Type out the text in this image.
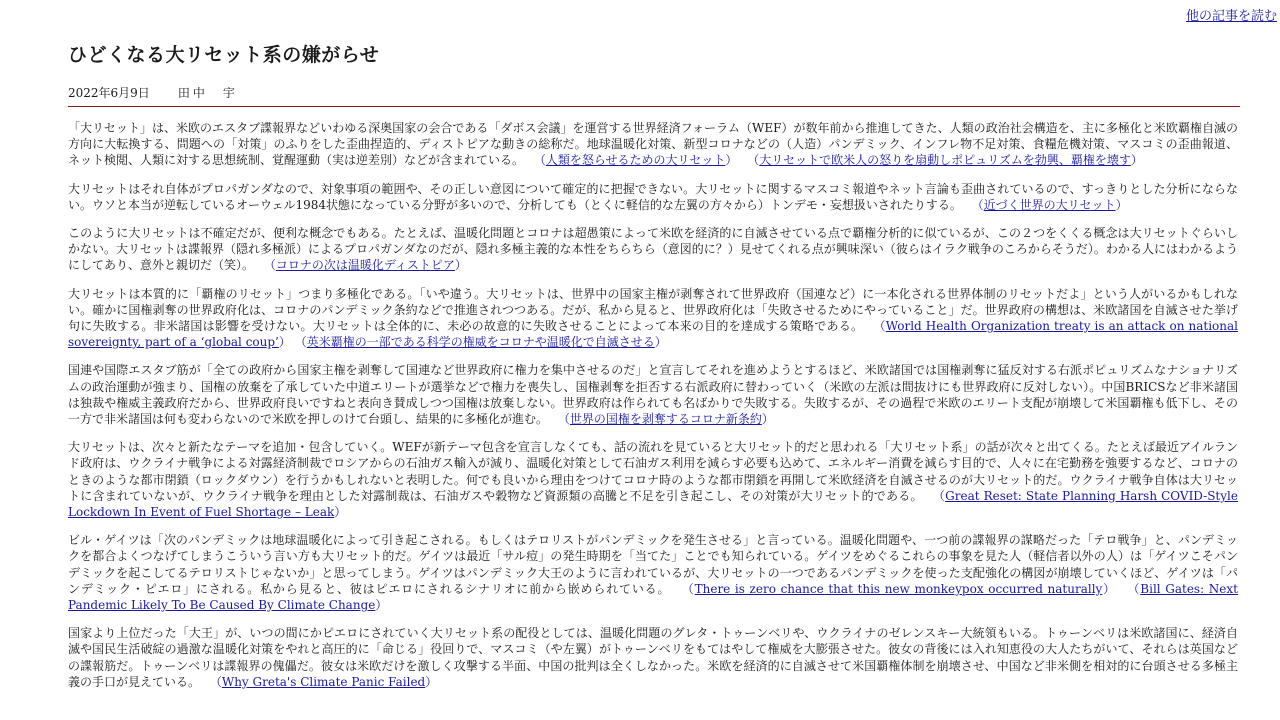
他の記事を読む
ひどくなる大リセット系の嫌がらせ
2022年6月9日 田中　宇

「大リセット」は、米欧のエスタブ諜報界などいわゆる深奥国家の会合である「ダボス会議」を運営する世界経済フォーラム（WEF）が数年前から推進してきた、人類の政治社会構造を、主に多極化と米欧覇権自滅の方向に大転換する、問題への「対策」のふりをした歪曲捏造的、ディストピアな動きの総称だ。地球温暖化対策、新型コロナなどの（人造）パンデミック、インフレ物不足対策、食糧危機対策、マスコミの歪曲報道、ネット検閲、人類に対する思想統制、覚醒運動（実は逆差別）などが含まれている。 　 （人類を怒らせるための大リセット） 　 （大リセットで欧米人の怒りを扇動しポピュリズムを勃興、覇権を壊す）

大リセットはそれ自体がプロパガンダなので、対象事項の範囲や、その正しい意図について確定的に把握できない。大リセットに関するマスコミ報道やネット言論も歪曲されているので、すっきりとした分析にならない。ウソと本当が逆転しているオーウェル1984状態になっている分野が多いので、分析しても（とくに軽信的な左翼の方々から）トンデモ・妄想扱いされたりする。 　 （近づく世界の大リセット）

このように大リセットは不確定だが、便利な概念でもある。たとえば、温暖化問題とコロナは超愚策によって米欧を経済的に自滅させている点で覇権分析的に似ているが、この２つをくくる概念は大リセットぐらいしかない。大リセットは諜報界（隠れ多極派）によるプロパガンダなのだが、隠れ多極主義的な本性をちらちら（意図的に？）見せてくれる点が興味深い（彼らはイラク戦争のころからそうだ）。わかる人にはわかるようにしてあり、意外と親切だ（笑）。 　 （コロナの次は温暖化ディストピア）

大リセットは本質的に「覇権のリセット」つまり多極化である。「いや違う。大リセットは、世界中の国家主権が剥奪されて世界政府（国連など）に一本化される世界体制のリセットだよ」という人がいるかもしれない。確かに国権剥奪の世界政府化は、コロナのパンデミック条約などで推進されつつある。だが、私から見ると、世界政府化は「失敗させるためにやっていること」だ。世界政府の構想は、米欧諸国を自滅させた挙げ句に失敗する。非米諸国は影響を受けない。大リセットは全体的に、未必の故意的に失敗させることによって本来の目的を達成する策略である。 　 （World Health Organization treaty is an attack on national sovereignty, part of a ‘global coup’） （英米覇権の一部である科学の権威をコロナや温暖化で自滅させる）

国連や国際エスタブ筋が「全ての政府から国家主権を剥奪して国連など世界政府に権力を集中させるのだ」と宣言してそれを進めようとするほど、米欧諸国では国権剥奪に猛反対する右派ポピュリズムなナショナリズムの政治運動が強まり、国権の放棄を了承していた中道エリートが選挙などで権力を喪失し、国権剥奪を拒否する右派政府に替わっていく（米欧の左派は間抜けにも世界政府に反対しない）。中国BRICSなど非米諸国は独裁や権威主義政府だから、世界政府良いですねと表向き賛成しつつ国権は放棄しない。世界政府は作られても名ばかりで失敗する。失敗するが、その過程で米欧のエリート支配が崩壊して米国覇権も低下し、その一方で非米諸国は何も変わらないので米欧を押しのけて台頭し、結果的に多極化が進む。 　 （世界の国権を剥奪するコロナ新条約）

大リセットは、次々と新たなテーマを追加・包含していく。WEFが新テーマ包含を宣言しなくても、話の流れを見ていると大リセット的だと思われる「大リセット系」の話が次々と出てくる。たとえば最近アイルランド政府は、ウクライナ戦争による対露経済制裁でロシアからの石油ガス輸入が減り、温暖化対策として石油ガス利用を減らす必要も込めて、エネルギー消費を減らす目的で、人々に在宅勤務を強要するなど、コロナのときのような都市閉鎖（ロックダウン）を行うかもしれないと表明した。何でも良いから理由をつけてコロナ時のような都市閉鎖を再開して米欧経済を自滅させるのが大リセット的だ。ウクライナ戦争自体は大リセットに含まれていないが、ウクライナ戦争を理由とした対露制裁は、石油ガスや穀物など資源類の高騰と不足を引き起こし、その対策が大リセット的である。 　 （Great Reset: State Planning Harsh COVID-Style Lockdown In Event of Fuel Shortage – Leak）

ビル・ゲイツは「次のパンデミックは地球温暖化によって引き起こされる。もしくはテロリストがパンデミックを発生させる」と言っている。温暖化問題や、一つ前の諜報界の謀略だった「テロ戦争」と、パンデミックを都合よくつなげてしまうこういう言い方も大リセット的だ。ゲイツは最近「サル痘」の発生時期を「当てた」ことでも知られている。ゲイツをめぐるこれらの事象を見た人（軽信者以外の人）は「ゲイツこそパンデミックを起こしてるテロリストじゃないか」と思ってしまう。ゲイツはパンデミック大王のように言われているが、大リセットの一つであるパンデミックを使った支配強化の構図が崩壊していくほど、ゲイツは「パンデミック・ピエロ」にされる。私から見ると、彼はピエロにされるシナリオに前から嵌められている。 　 （There is zero chance that this new monkeypox occurred naturally） 　 （Bill Gates: Next Pandemic Likely To Be Caused By Climate Change）

国家より上位だった「大王」が、いつの間にかピエロにされていく大リセット系の配役としては、温暖化問題のグレタ・トゥーンベリや、ウクライナのゼレンスキー大統領もいる。トゥーンベリは米欧諸国に、経済自滅や国民生活破綻の過激な温暖化対策をやれと高圧的に「命じる」役回りで、マスコミ（や左翼）がトゥーンベリをもてはやして権威を大膨張させた。彼女の背後には入れ知恵役の大人たちがいて、それらは英国などの諜報筋だ。トゥーンベリは諜報界の傀儡だ。彼女は米欧だけを激しく攻撃する半面、中国の批判は全くしなかった。米欧を経済的に自滅させて米国覇権体制を崩壊させ、中国など非米側を相対的に台頭させる多極主義の手口が見えている。 　 （Why Greta's Climate Panic Failed）
